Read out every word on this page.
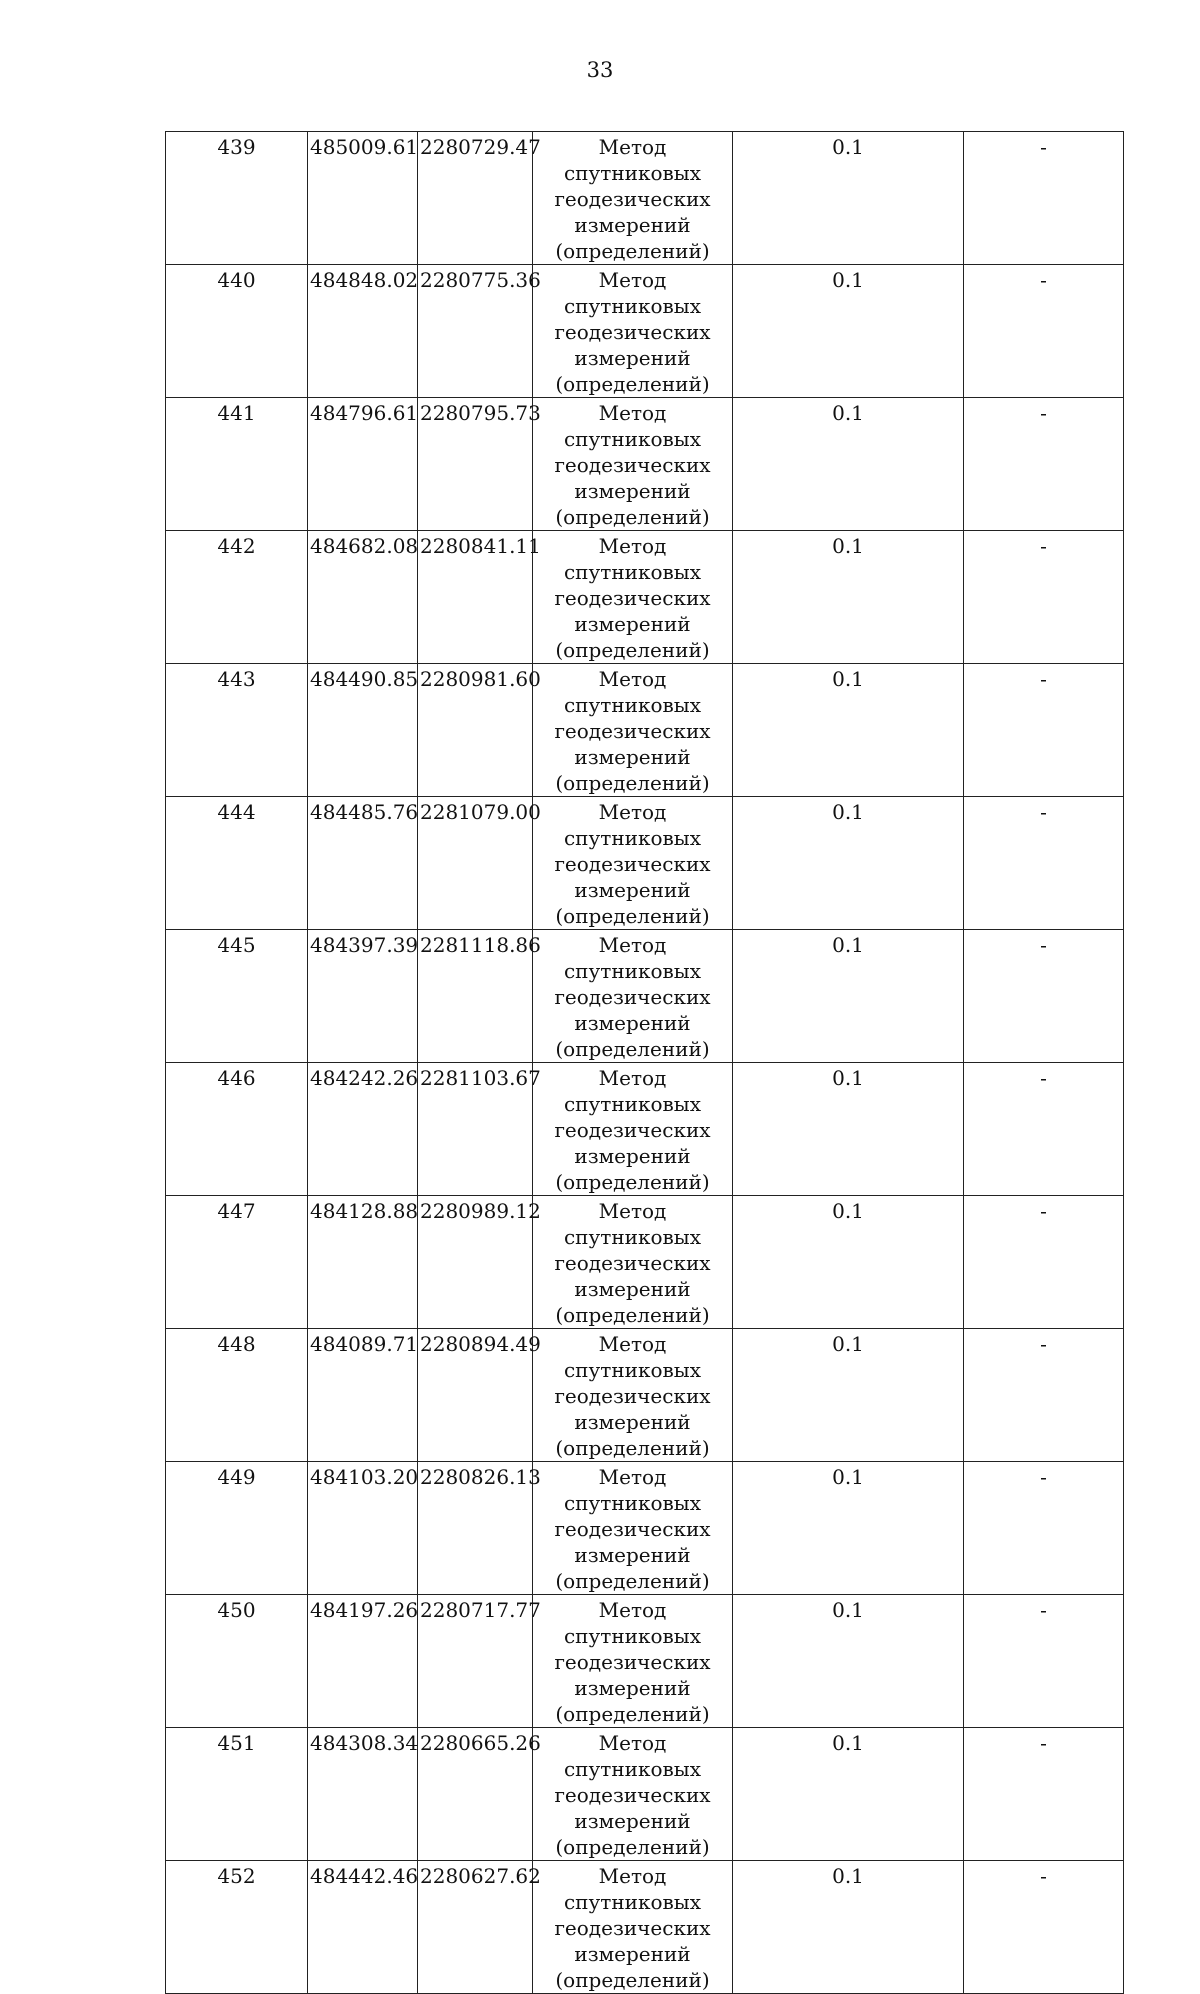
33
439	485009.61	2280729.47	Метод спутниковых геодезических измерений (определений)	0.1	-
440	484848.02	2280775.36	Метод спутниковых геодезических измерений (определений)	0.1	-
441	484796.61	2280795.73	Метод спутниковых геодезических измерений (определений)	0.1	-
442	484682.08	2280841.11	Метод спутниковых геодезических измерений (определений)	0.1	-
443	484490.85	2280981.60	Метод спутниковых геодезических измерений (определений)	0.1	-
444	484485.76	2281079.00	Метод спутниковых геодезических измерений (определений)	0.1	-
445	484397.39	2281118.86	Метод спутниковых геодезических измерений (определений)	0.1	-
446	484242.26	2281103.67	Метод спутниковых геодезических измерений (определений)	0.1	-
447	484128.88	2280989.12	Метод спутниковых геодезических измерений (определений)	0.1	-
448	484089.71	2280894.49	Метод спутниковых геодезических измерений (определений)	0.1	-
449	484103.20	2280826.13	Метод спутниковых геодезических измерений (определений)	0.1	-
450	484197.26	2280717.77	Метод спутниковых геодезических измерений (определений)	0.1	-
451	484308.34	2280665.26	Метод спутниковых геодезических измерений (определений)	0.1	-
452	484442.46	2280627.62	Метод спутниковых геодезических измерений (определений)	0.1	-
